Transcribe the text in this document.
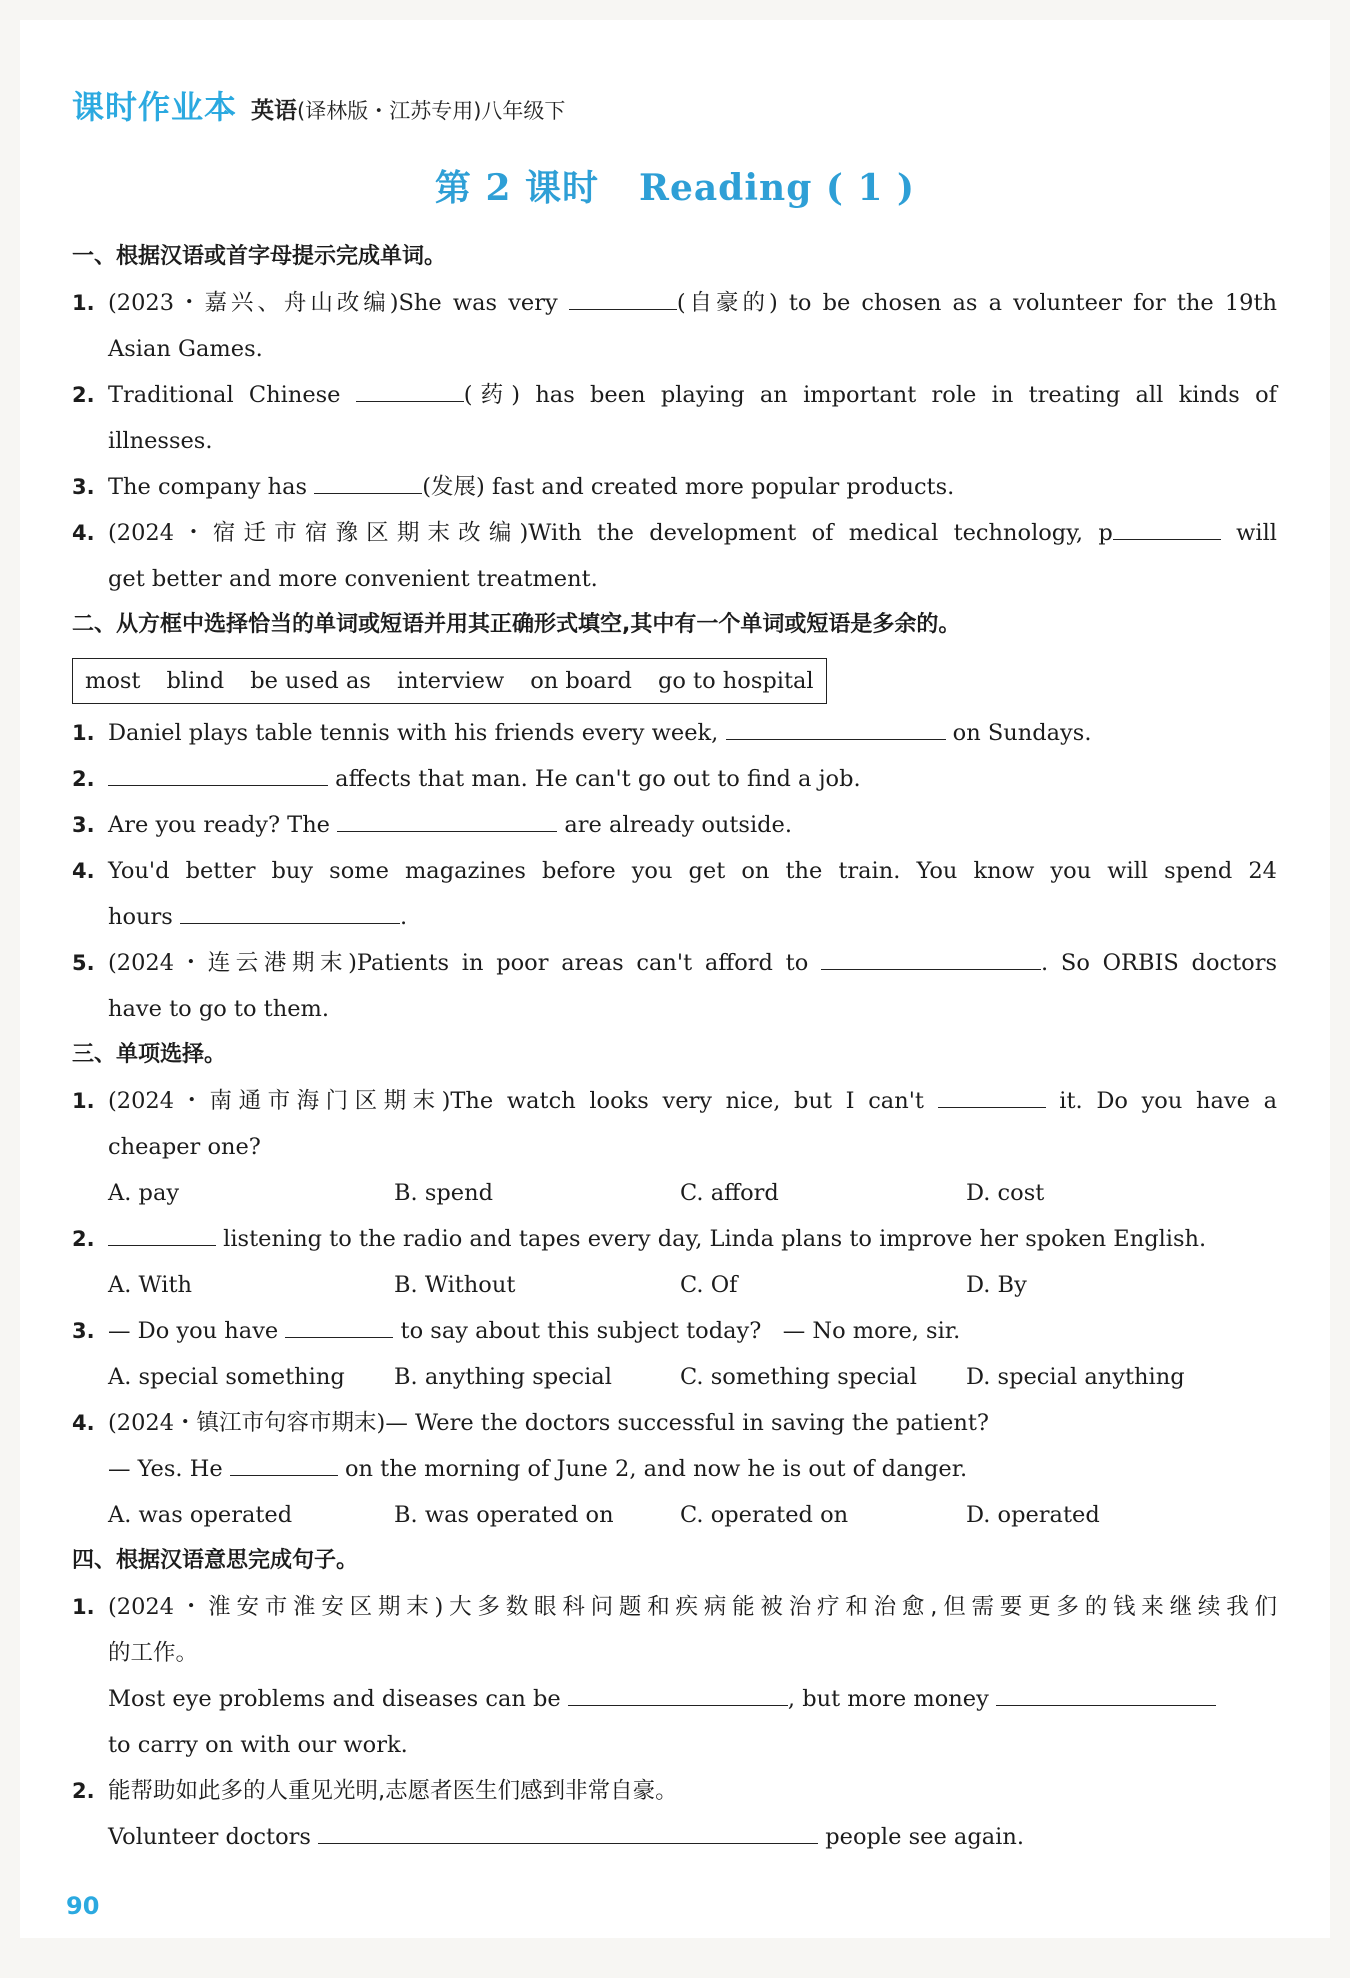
课时作业本 英语(译林版・江苏专用)八年级下
第 2 课时 Reading ( 1 )
一、根据汉语或首字母提示完成单词。
1. (2023・嘉兴、舟山改编)She was very	(自豪的) to be chosen as a volunteer for the 19th
Asian Games.
2. Traditional Chinese	(药) has been playing an important role in treating all kinds of
illnesses.
3. The company has	(发展) fast and created more popular products.
4. (2024・宿迁市宿豫区期末改编)With the development of medical technology, p	will
get better and more convenient treatment.
二、从方框中选择恰当的单词或短语并用其正确形式填空,其中有一个单词或短语是多余的。
most blind be used as interview on board go to hospital
1. Daniel plays table tennis with his friends every week,	on Sundays.
2.	affects that man. He can't go out to find a job.
3. Are you ready? The	are already outside.
4. You'd better buy some magazines before you get on the train. You know you will spend 24
hours	.
5. (2024・连云港期末)Patients in poor areas can't afford to	. So ORBIS doctors
have to go to them.
三、单项选择。
1. (2024・南通市海门区期末)The watch looks very nice, but I can't	it. Do you have a
cheaper one?
A. pay	B. spend	C. afford	D. cost
2.	listening to the radio and tapes every day, Linda plans to improve her spoken English.
A. With	B. Without	C. Of	D. By
3. — Do you have	to say about this subject today? — No more, sir.
A. special something	B. anything special	C. something special	D. special anything
4. (2024・镇江市句容市期末)— Were the doctors successful in saving the patient?
— Yes. He	on the morning of June 2, and now he is out of danger.
A. was operated	B. was operated on	C. operated on	D. operated
四、根据汉语意思完成句子。
1. (2024・淮安市淮安区期末)大多数眼科问题和疾病能被治疗和治愈,但需要更多的钱来继续我们
的工作。
Most eye problems and diseases can be	, but more money
to carry on with our work.
2. 能帮助如此多的人重见光明,志愿者医生们感到非常自豪。
Volunteer doctors	people see again.
90
